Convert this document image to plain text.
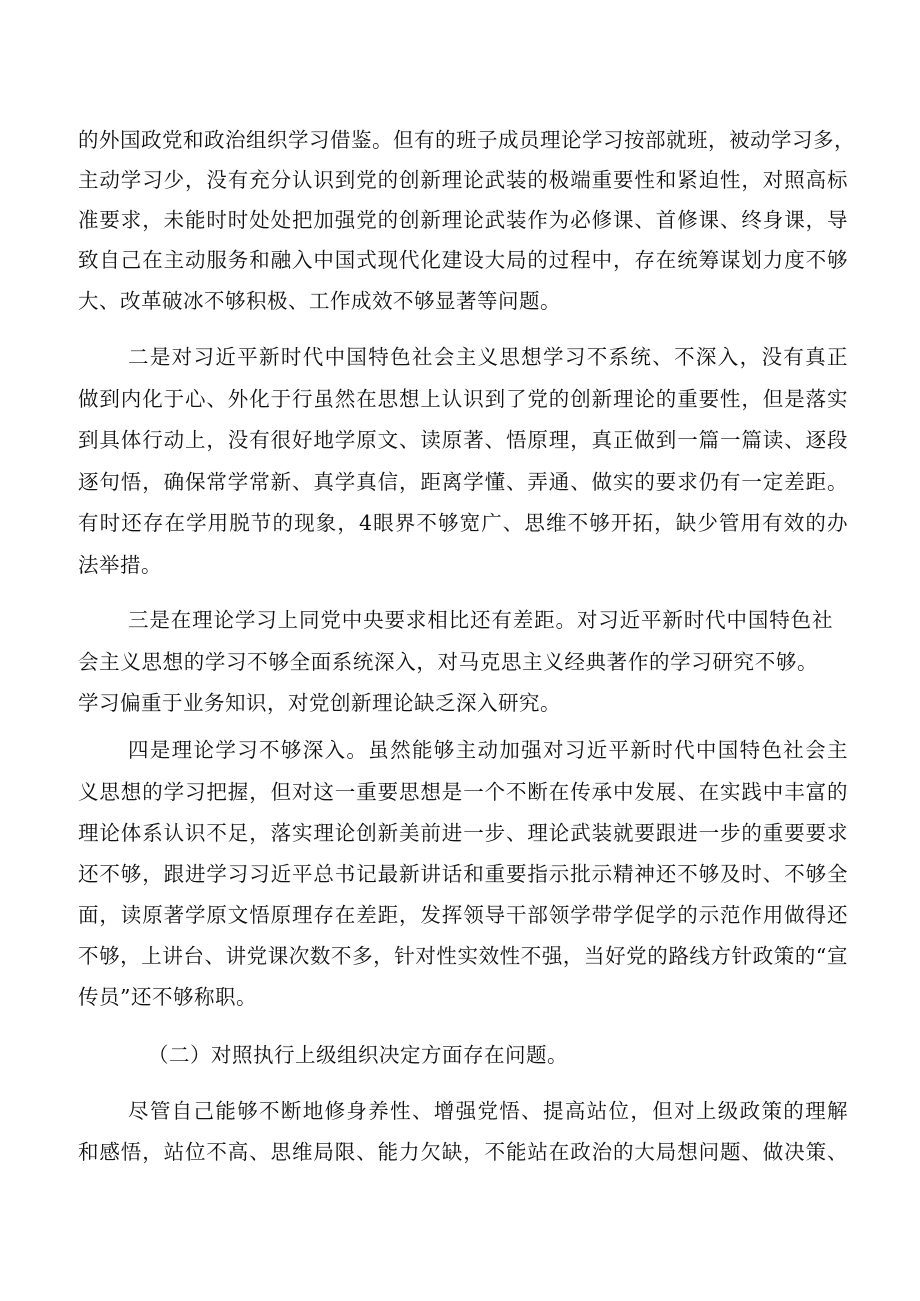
的外国政党和政治组织学习借鉴。但有的班子成员理论学习按部就班，被动学习多，
主动学习少，没有充分认识到党的创新理论武装的极端重要性和紧迫性，对照高标
准要求，未能时时处处把加强党的创新理论武装作为必修课、首修课、终身课，导
致自己在主动服务和融入中国式现代化建设大局的过程中，存在统筹谋划力度不够
大、改革破冰不够积极、工作成效不够显著等问题。
二是对习近平新时代中国特色社会主义思想学习不系统、不深入，没有真正
做到内化于心、外化于行虽然在思想上认识到了党的创新理论的重要性，但是落实
到具体行动上，没有很好地学原文、读原著、悟原理，真正做到一篇一篇读、逐段
逐句悟，确保常学常新、真学真信，距离学懂、弄通、做实的要求仍有一定差距。
有时还存在学用脱节的现象，4眼界不够宽广、思维不够开拓，缺少管用有效的办
法举措。
三是在理论学习上同党中央要求相比还有差距。对习近平新时代中国特色社
会主义思想的学习不够全面系统深入，对马克思主义经典著作的学习研究不够。
学习偏重于业务知识，对党创新理论缺乏深入研究。
四是理论学习不够深入。虽然能够主动加强对习近平新时代中国特色社会主
义思想的学习把握，但对这一重要思想是一个不断在传承中发展、在实践中丰富的
理论体系认识不足，落实理论创新美前进一步、理论武装就要跟进一步的重要要求
还不够，跟进学习习近平总书记最新讲话和重要指示批示精神还不够及时、不够全
面，读原著学原文悟原理存在差距，发挥领导干部领学带学促学的示范作用做得还
不够，上讲台、讲党课次数不多，针对性实效性不强，当好党的路线方针政策的“宣
传员”还不够称职。
（二）对照执行上级组织决定方面存在问题。
尽管自己能够不断地修身养性、增强党悟、提高站位，但对上级政策的理解
和感悟，站位不高、思维局限、能力欠缺，不能站在政治的大局想问题、做决策、
